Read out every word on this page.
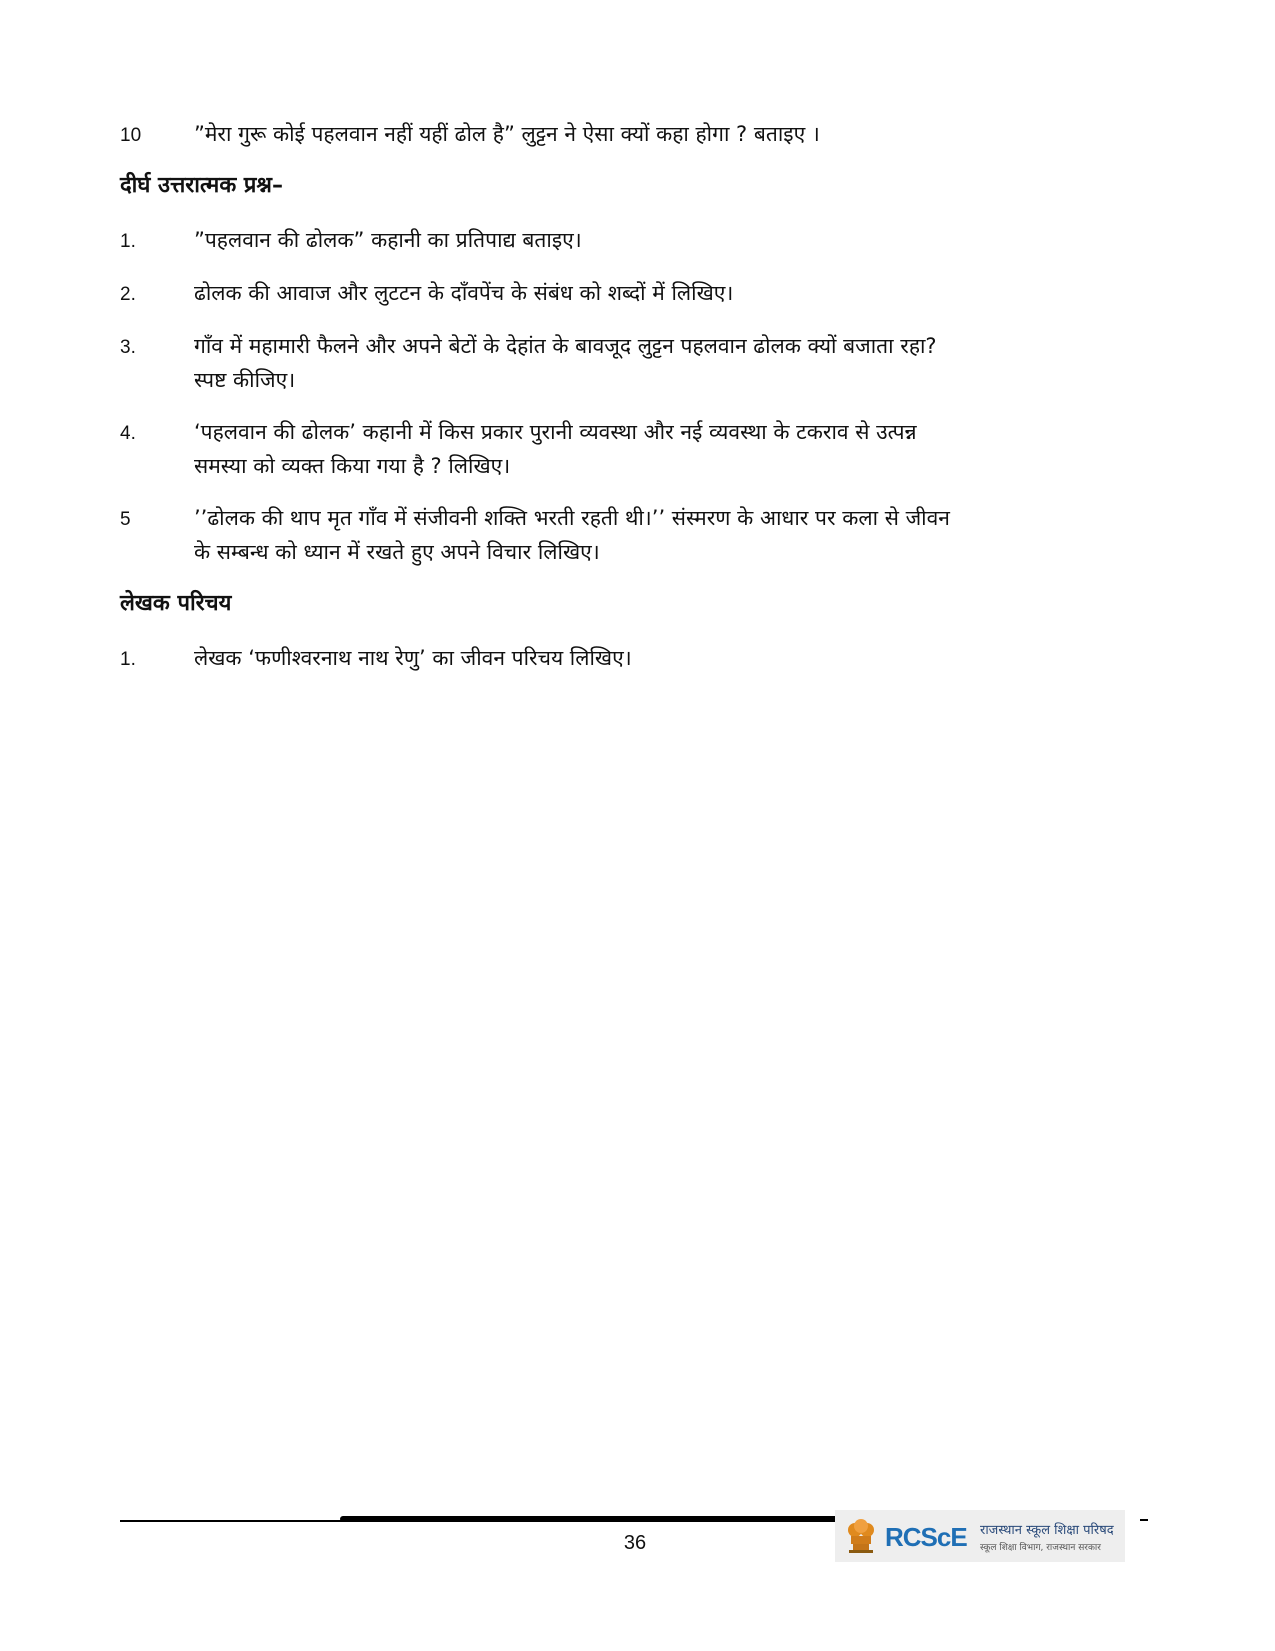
10	”मेरा गुरू कोई पहलवान नहीं यहीं ढोल है” लुट्टन ने ऐसा क्यों कहा होगा ? बताइए ।
दीर्घ उत्तरात्मक प्रश्न–
1.	”पहलवान की ढोलक” कहानी का प्रतिपाद्य बताइए।
2.	ढोलक की आवाज और लुटटन के दाँवपेंच के संबंध को शब्दों में लिखिए।
3.	गाँव में महामारी फैलने और अपने बेटों के देहांत के बावजूद लुट्टन पहलवान ढोलक क्यों बजाता रहा?
स्पष्ट कीजिए।
4.	‘पहलवान की ढोलक’ कहानी में किस प्रकार पुरानी व्यवस्था और नई व्यवस्था के टकराव से उत्पन्न
समस्या को व्यक्त किया गया है ? लिखिए।
5	’’ढोलक की थाप मृत गाँव में संजीवनी शक्ति भरती रहती थी।’’ संस्मरण के आधार पर कला से जीवन
के सम्बन्ध को ध्यान में रखते हुए अपने विचार लिखिए।
लेखक परिचय
1.	लेखक ‘फणीश्वरनाथ नाथ रेणु’ का जीवन परिचय लिखिए।
36	RCScE राजस्थान स्कूल शिक्षा परिषद
स्कूल शिक्षा विभाग, राजस्थान सरकार
